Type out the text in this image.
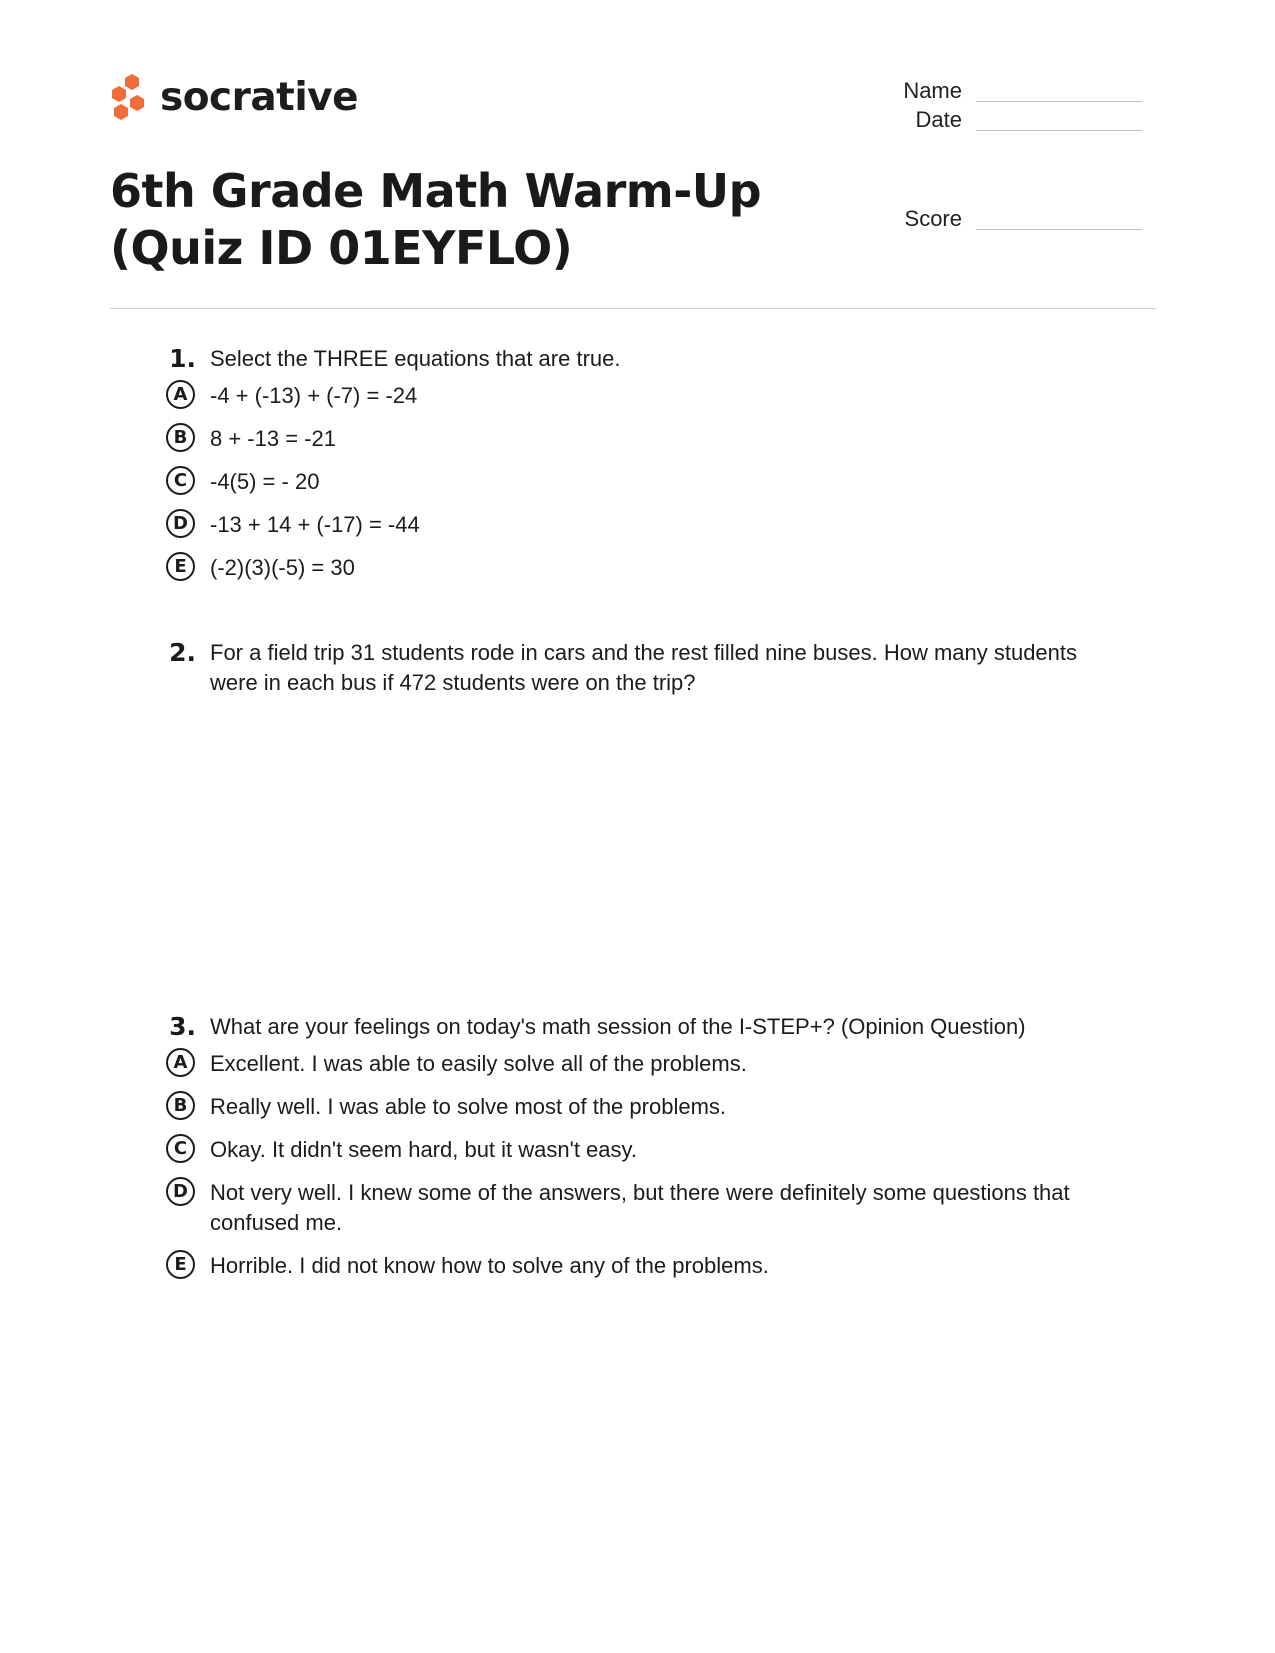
socrative
6th Grade Math Warm-Up (Quiz ID 01EYFLO)
Name
Date
Score
1. Select the THREE equations that are true.
A	-4 + (-13) + (-7) = -24
B	8 + -13 = -21
C	-4(5) = - 20
D	-13 + 14 + (-17) = -44
E	(-2)(3)(-5) = 30
2. For a field trip 31 students rode in cars and the rest filled nine buses. How many students were in each bus if 472 students were on the trip?
3. What are your feelings on today's math session of the I-STEP+? (Opinion Question)
A	Excellent. I was able to easily solve all of the problems.
B	Really well. I was able to solve most of the problems.
C	Okay. It didn't seem hard, but it wasn't easy.
D	Not very well. I knew some of the answers, but there were definitely some questions that confused me.
E	Horrible. I did not know how to solve any of the problems.
